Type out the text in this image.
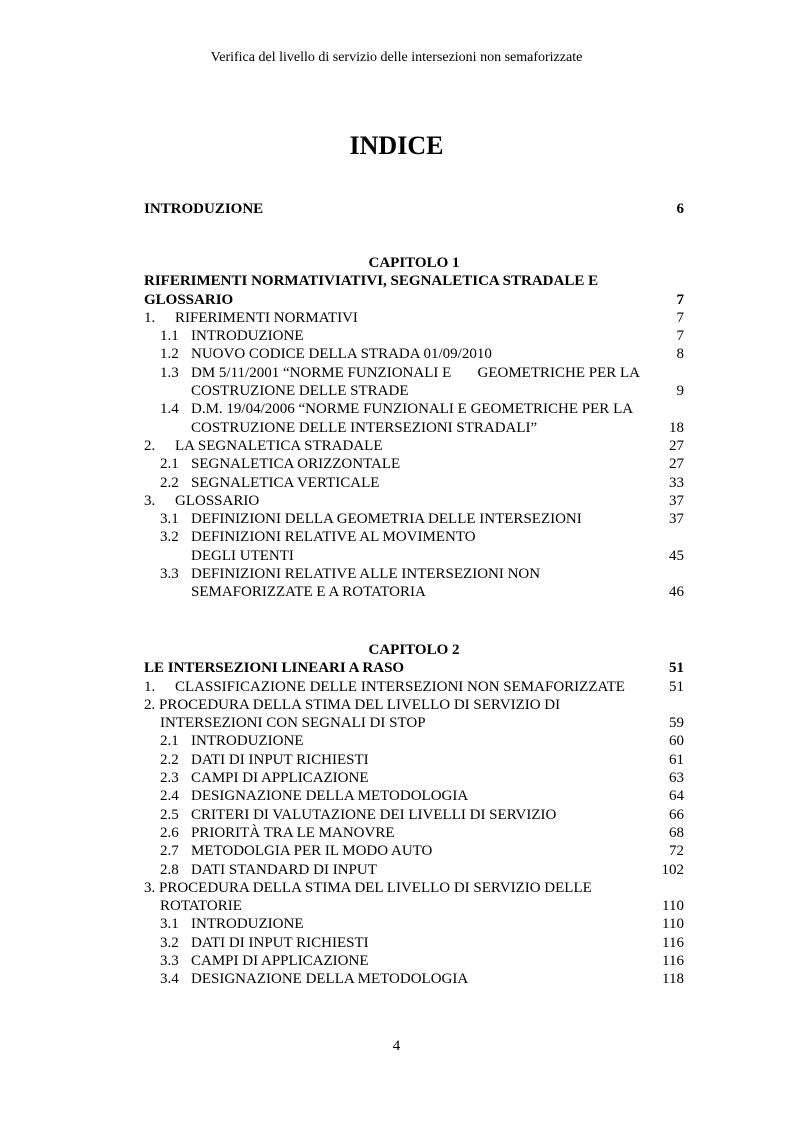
Verifica del livello di servizio delle intersezioni non semaforizzate
INDICE
INTRODUZIONE	6
CAPITOLO 1
RIFERIMENTI NORMATIVIATIVI, SEGNALETICA STRADALE E
GLOSSARIO	7
1. RIFERIMENTI NORMATIVI	7
1.1 INTRODUZIONE	7
1.2 NUOVO CODICE DELLA STRADA 01/09/2010	8
1.3 DM 5/11/2001 “NORME FUNZIONALI E       GEOMETRICHE PER LA
COSTRUZIONE DELLE STRADE	9
1.4 D.M. 19/04/2006 “NORME FUNZIONALI E GEOMETRICHE PER LA
COSTRUZIONE DELLE INTERSEZIONI STRADALI”	18
2. LA SEGNALETICA STRADALE	27
2.1 SEGNALETICA ORIZZONTALE	27
2.2 SEGNALETICA VERTICALE	33
3. GLOSSARIO	37
3.1 DEFINIZIONI DELLA GEOMETRIA DELLE INTERSEZIONI	37
3.2 DEFINIZIONI RELATIVE AL MOVIMENTO
DEGLI UTENTI	45
3.3 DEFINIZIONI RELATIVE ALLE INTERSEZIONI NON
SEMAFORIZZATE E A ROTATORIA	46
CAPITOLO 2
LE INTERSEZIONI LINEARI A RASO	51
1. CLASSIFICAZIONE DELLE INTERSEZIONI NON SEMAFORIZZATE	51
2. PROCEDURA DELLA STIMA DEL LIVELLO DI SERVIZIO DI
INTERSEZIONI CON SEGNALI DI STOP	59
2.1 INTRODUZIONE	60
2.2 DATI DI INPUT RICHIESTI	61
2.3 CAMPI DI APPLICAZIONE	63
2.4 DESIGNAZIONE DELLA METODOLOGIA	64
2.5 CRITERI DI VALUTAZIONE DEI LIVELLI DI SERVIZIO	66
2.6 PRIORITÀ TRA LE MANOVRE	68
2.7 METODOLGIA PER IL MODO AUTO	72
2.8 DATI STANDARD DI INPUT	102
3. PROCEDURA DELLA STIMA DEL LIVELLO DI SERVIZIO DELLE
ROTATORIE	110
3.1 INTRODUZIONE	110
3.2 DATI DI INPUT RICHIESTI	116
3.3 CAMPI DI APPLICAZIONE	116
3.4 DESIGNAZIONE DELLA METODOLOGIA	118
4
